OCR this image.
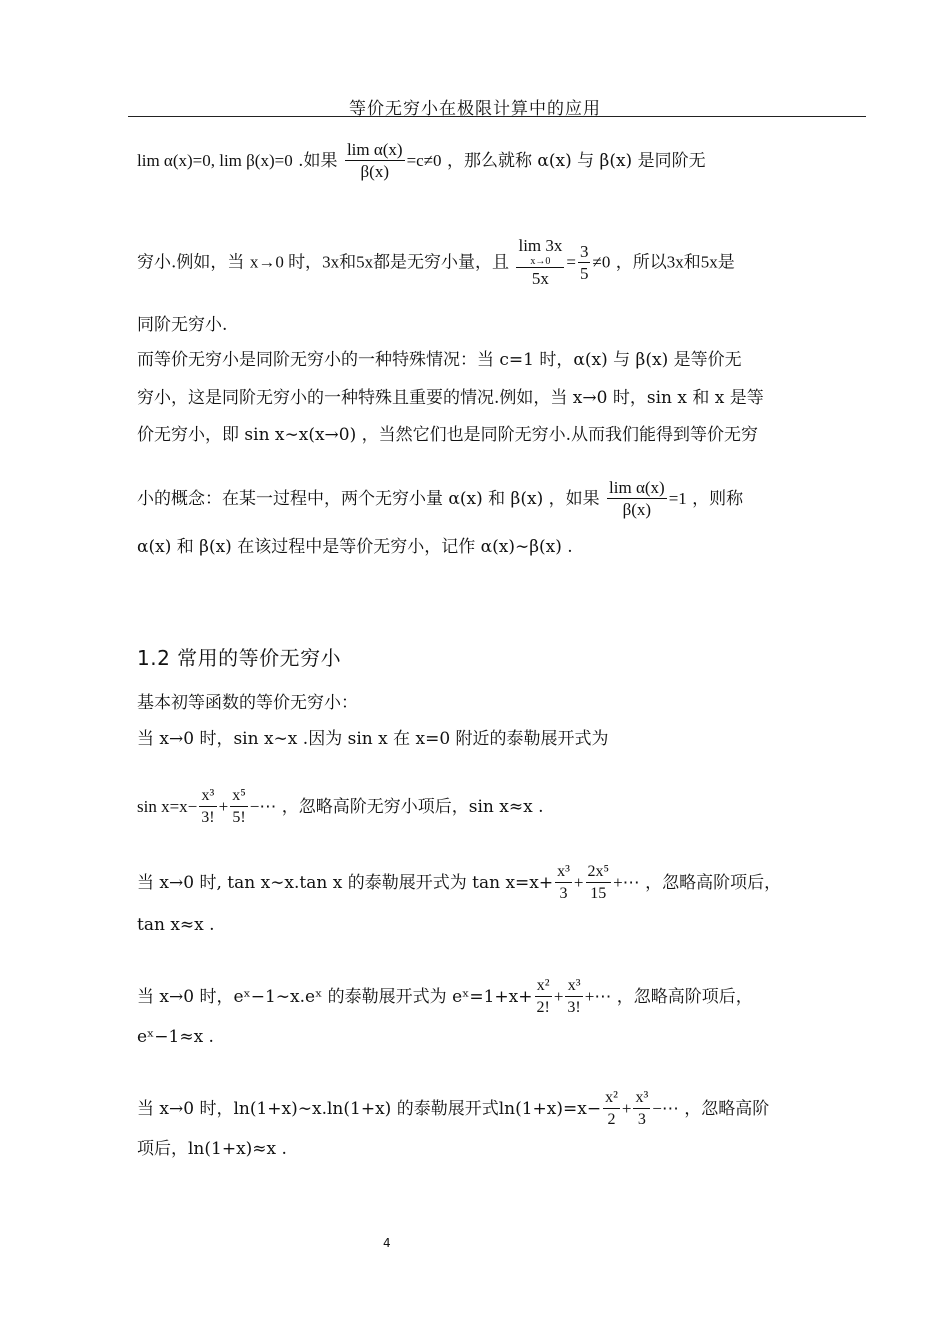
等价无穷小在极限计算中的应用
lim α(x)=0, lim β(x)=0 .如果 $\frac{\text{lim α(x)}}{\beta(x)} =c\ne 0$ ，那么就称 α(x) 与 β(x) 是同阶无
穷小.例如，当 x→0 时，3x和5x都是无穷小量，且 lim 3x
x→0
$5x = \frac{3}{5} \ne 0$ ，所以3x和5x是
同阶无穷小.
而等价无穷小是同阶无穷小的一种特殊情况：当 c=1 时，α(x) 与 β(x) 是等价无
穷小，这是同阶无穷小的一种特殊且重要的情况.例如，当 x→0 时，sin x 和 x 是等
价无穷小，即 sin x∼x(x→0) ，当然它们也是同阶无穷小.从而我们能得到等价无穷
小的概念：在某一过程中，两个无穷小量 α(x) 和 β(x) ，如果 $\frac{\text{lim α(x)}}{\beta(x)} =1$ ，则称
α(x) 和 β(x) 在该过程中是等价无穷小，记作 α(x)∼β(x) .
1.2 常用的等价无穷小
基本初等函数的等价无穷小：
当 x→0 时，sin x∼x .因为 sin x 在 x=0 附近的泰勒展开式为
$\sin x=x- \frac{\text{x³}}{3!} + \frac{\text{x⁵}}{5!}$ −⋯ ，忽略高阶无穷小项后，sin x≈x .
当 x→0 时, tan x∼x.tan x 的泰勒展开式为 $\tan x=x+ \frac{\text{x³}}{3} + \frac{\text{2x⁵}}{15}$ +⋯ ，忽略高阶项后，
tan x≈x .
当 x→0 时，eˣ−1∼x.eˣ 的泰勒展开式为 eˣ=1+x+ $\frac{\text{x²}}{2!} + \frac{\text{x³}}{3!}$ +⋯ ，忽略高阶项后，
eˣ−1≈x .
当 x→0 时，ln(1+x)∼x.ln(1+x) 的泰勒展开式$\ln(1+x)=x- \frac{\text{x²}}{2} + \frac{\text{x³}}{3}$ −⋯ ，忽略高阶
项后，ln(1+x)≈x .
4
